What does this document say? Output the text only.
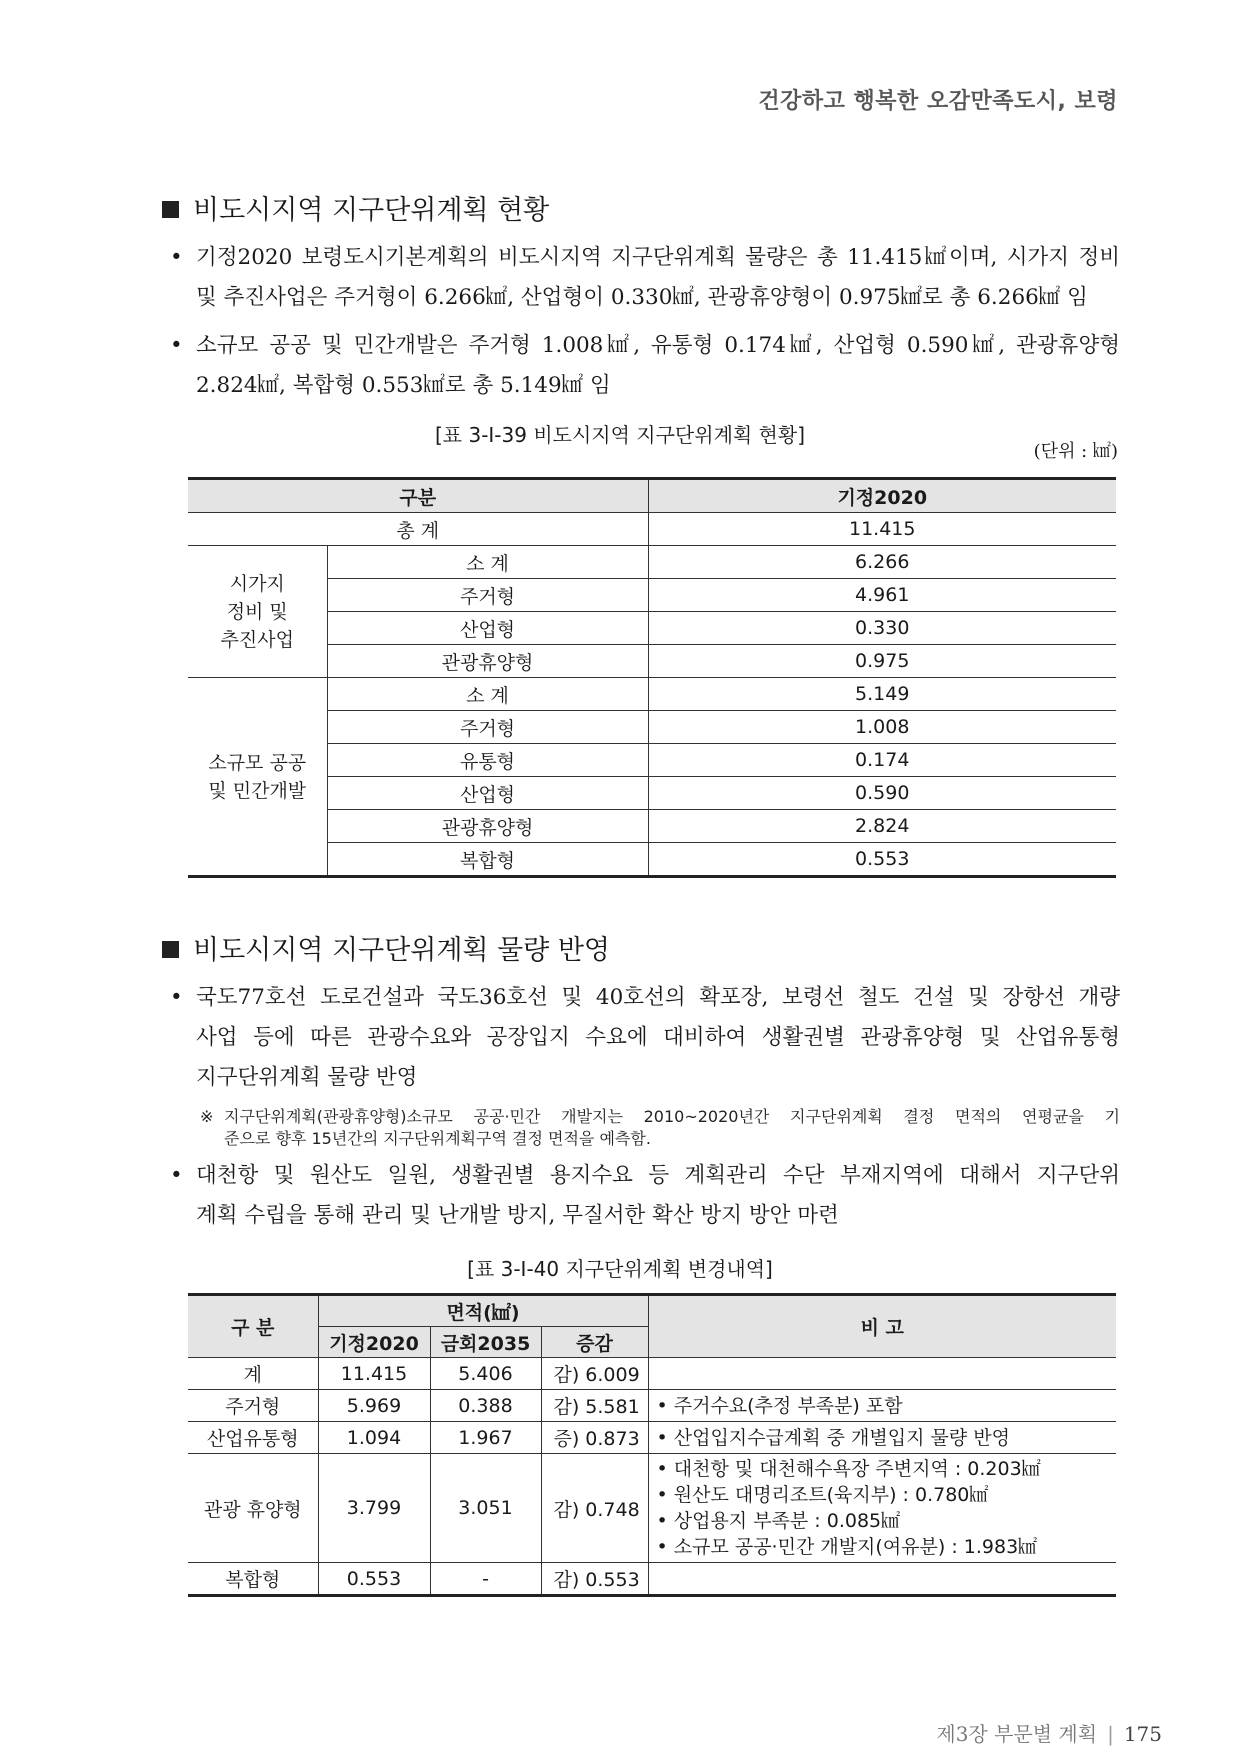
건강하고 행복한 오감만족도시, 보령
비도시지역 지구단위계획 현황
• 기정2020 보령도시기본계획의 비도시지역 지구단위계획 물량은 총 11.415㎢이며, 시가지 정비
및 추진사업은 주거형이 6.266㎢, 산업형이 0.330㎢, 관광휴양형이 0.975㎢로 총 6.266㎢ 임
• 소규모 공공 및 민간개발은 주거형 1.008㎢, 유통형 0.174㎢, 산업형 0.590㎢, 관광휴양형
2.824㎢, 복합형 0.553㎢로 총 5.149㎢ 임
[표 3-Ⅰ-39 비도시지역 지구단위계획 현황]
(단위 : ㎢)
구분		기정2020
총 계		11.415
시가지
정비 및
추진사업	소 계	6.266
	주거형	4.961
	산업형	0.330
	관광휴양형	0.975
소규모 공공
및 민간개발	소 계	5.149
	주거형	1.008
	유통형	0.174
	산업형	0.590
	관광휴양형	2.824
	복합형	0.553
비도시지역 지구단위계획 물량 반영
• 국도77호선 도로건설과 국도36호선 및 40호선의 확포장, 보령선 철도 건설 및 장항선 개량
사업 등에 따른 관광수요와 공장입지 수요에 대비하여 생활권별 관광휴양형 및 산업유통형
지구단위계획 물량 반영
※ 지구단위계획(관광휴양형)소규모 공공·민간 개발지는 2010~2020년간 지구단위계획 결정 면적의 연평균을 기
준으로 향후 15년간의 지구단위계획구역 결정 면적을 예측함.
• 대천항 및 원산도 일원, 생활권별 용지수요 등 계획관리 수단 부재지역에 대해서 지구단위
계획 수립을 통해 관리 및 난개발 방지, 무질서한 확산 방지 방안 마련
[표 3-Ⅰ-40 지구단위계획 변경내역]
구 분	면적(㎢)			비 고
	기정2020	금회2035	증감	
계	11.415	5.406	감) 6.009	
주거형	5.969	0.388	감) 5.581	• 주거수요(추정 부족분) 포함

산업유통형	1.094	1.967	증) 0.873	• 산업입지수급계획 중 개별입지 물량 반영

관광 휴양형	3.799	3.051	감) 0.748	• 대천항 및 대천해수욕장 주변지역 : 0.203㎢
• 원산도 대명리조트(육지부) : 0.780㎢
• 상업용지 부족분 : 0.085㎢
• 소규모 공공·민간 개발지(여유분) : 1.983㎢

복합형	0.553	-	감) 0.553	
제3장 부문별 계획 | 175
